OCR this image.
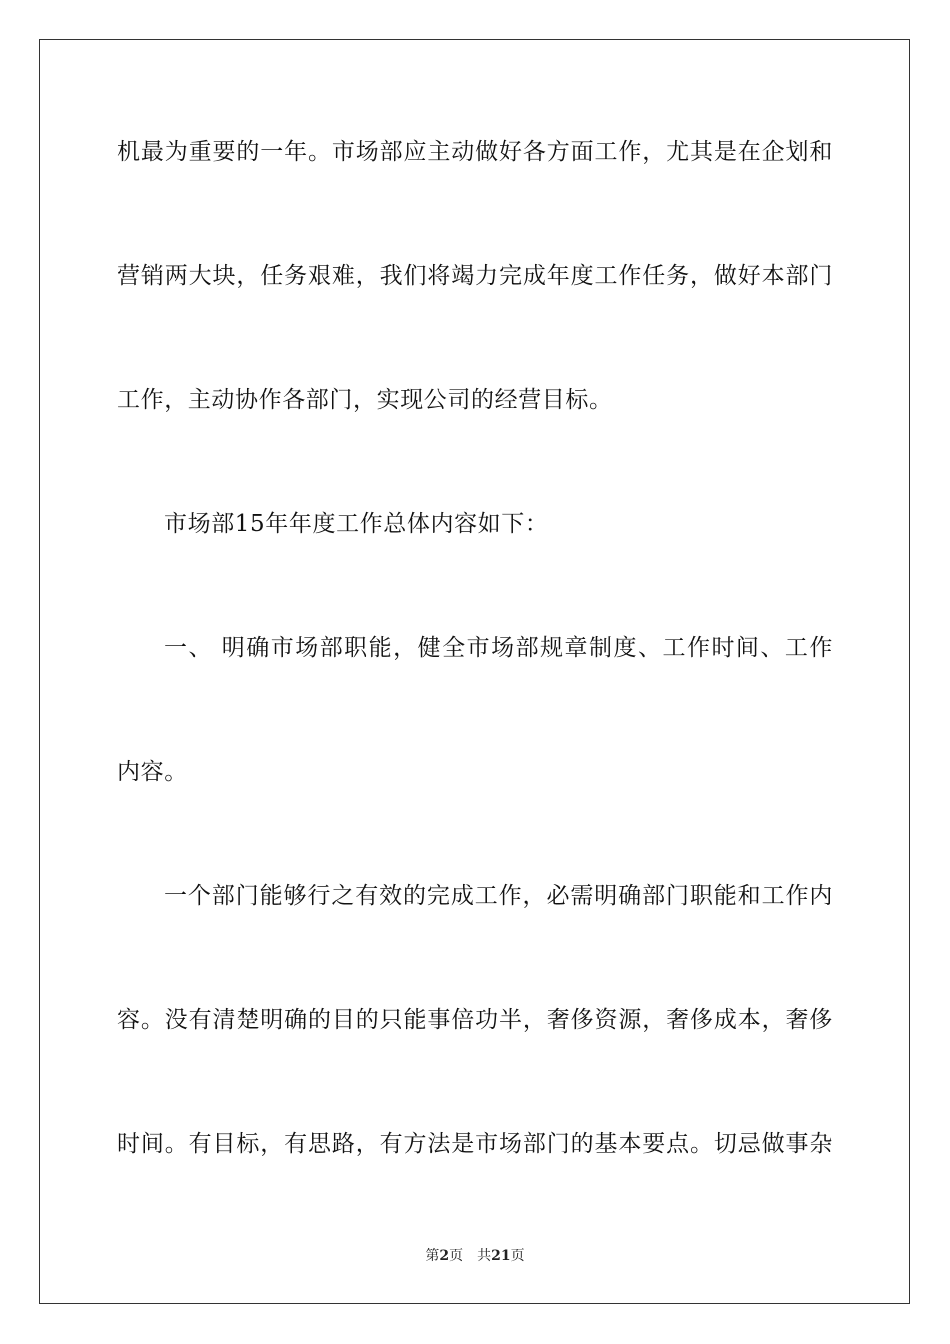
机最为重要的一年。市场部应主动做好各方面工作，尤其是在企划和
营销两大块，任务艰难，我们将竭力完成年度工作任务，做好本部门
工作，主动协作各部门，实现公司的经营目标。
市场部15年年度工作总体内容如下：
一、 明确市场部职能，健全市场部规章制度、工作时间、工作
内容。
一个部门能够行之有效的完成工作，必需明确部门职能和工作内
容。没有清楚明确的目的只能事倍功半，奢侈资源，奢侈成本，奢侈
时间。有目标，有思路，有方法是市场部门的基本要点。切忌做事杂
第2页 共21页
